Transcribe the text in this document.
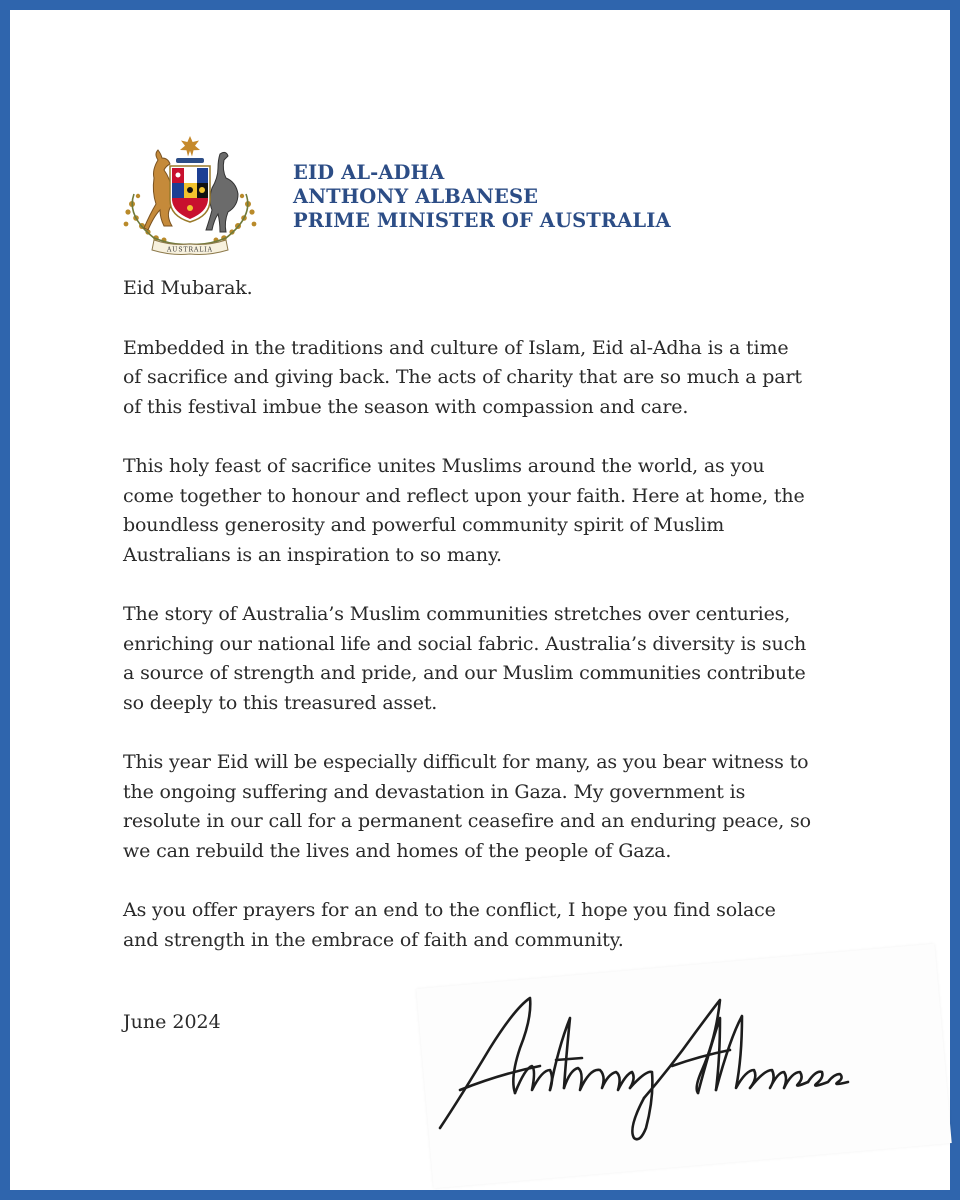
AUSTRALIA
EID AL-ADHA
ANTHONY ALBANESE
PRIME MINISTER OF AUSTRALIA

Eid Mubarak.

Embedded in the traditions and culture of Islam, Eid al-Adha is a time
of sacrifice and giving back. The acts of charity that are so much a part
of this festival imbue the season with compassion and care.

This holy feast of sacrifice unites Muslims around the world, as you
come together to honour and reflect upon your faith. Here at home, the
boundless generosity and powerful community spirit of Muslim
Australians is an inspiration to so many.

The story of Australia’s Muslim communities stretches over centuries,
enriching our national life and social fabric. Australia’s diversity is such
a source of strength and pride, and our Muslim communities contribute
so deeply to this treasured asset.

This year Eid will be especially difficult for many, as you bear witness to
the ongoing suffering and devastation in Gaza. My government is
resolute in our call for a permanent ceasefire and an enduring peace, so
we can rebuild the lives and homes of the people of Gaza.

As you offer prayers for an end to the conflict, I hope you find solace
and strength in the embrace of faith and community.

June 2024
